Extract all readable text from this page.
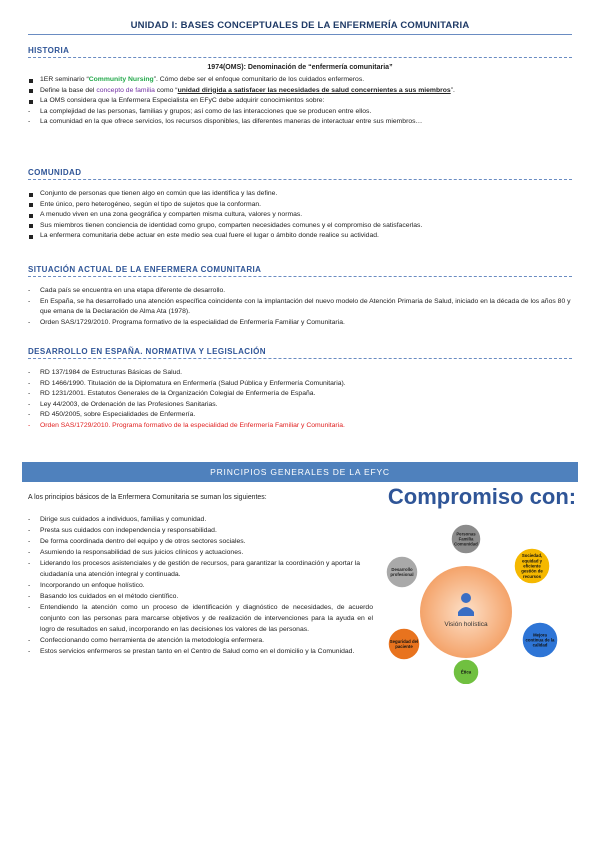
UNIDAD I: BASES CONCEPTUALES DE LA ENFERMERÍA COMUNITARIA
HISTORIA
1974(OMS): Denominación de “enfermería comunitaria”
1ER seminario “Community Nursing”. Cómo debe ser el enfoque comunitario de los cuidados enfermeros.
Define la base del concepto de familia como “unidad dirigida a satisfacer las necesidades de salud concernientes a sus miembros”.
La OMS considera que la Enfermera Especialista en EFyC debe adquirir conocimientos sobre:
- La complejidad de las personas, familias y grupos; así como de las interacciones que se producen entre ellos.
- La comunidad en la que ofrece servicios, los recursos disponibles, las diferentes maneras de interactuar entre sus miembros…
COMUNIDAD
Conjunto de personas que tienen algo en común que las identifica y las define.
Ente único, pero heterogéneo, según el tipo de sujetos que la conforman.
A menudo viven en una zona geográfica y comparten misma cultura, valores y normas.
Sus miembros tienen conciencia de identidad como grupo, comparten necesidades comunes y el compromiso de satisfacerlas.
La enfermera comunitaria debe actuar en este medio sea cual fuere el lugar o ámbito donde realice su actividad.
SITUACIÓN ACTUAL DE LA ENFERMERA COMUNITARIA
- Cada país se encuentra en una etapa diferente de desarrollo.
- En España, se ha desarrollado una atención específica coincidente con la implantación del nuevo modelo de Atención Primaria de Salud, iniciado en la década de los años 80 y que emana de la Declaración de Alma Ata (1978).
- Orden SAS/1729/2010. Programa formativo de la especialidad de Enfermería Familiar y Comunitaria.
DESARROLLO EN ESPAÑA. NORMATIVA Y LEGISLACIÓN
- RD 137/1984 de Estructuras Básicas de Salud.
- RD 1466/1990. Titulación de la Diplomatura en Enfermería (Salud Pública y Enfermería Comunitaria).
- RD 1231/2001. Estatutos Generales de la Organización Colegial de Enfermería de España.
- Ley 44/2003, de Ordenación de las Profesiones Sanitarias.
- RD 450/2005, sobre Especialidades de Enfermería.
- Orden SAS/1729/2010. Programa formativo de la especialidad de Enfermería Familiar y Comunitaria.
PRINCIPIOS GENERALES DE LA EFYC
A los principios básicos de la Enfermera Comunitaria se suman los siguientes:
- Dirige sus cuidados a individuos, familias y comunidad.
- Presta sus cuidados con independencia y responsabilidad.
- De forma coordinada dentro del equipo y de otros sectores sociales.
- Asumiendo la responsabilidad de sus juicios clínicos y actuaciones.
- Liderando los procesos asistenciales y de gestión de recursos, para garantizar la coordinación y aportar la ciudadanía una atención integral y continuada.
- Incorporando un enfoque holístico.
- Basando los cuidados en el método científico.
- Entendiendo la atención como un proceso de identificación y diagnóstico de necesidades, de acuerdo conjunto con las personas para marcarse objetivos y de realización de intervenciones para la ayuda en el logro de resultados en salud, incorporando en las decisiones los valores de las personas.
- Confeccionando como herramienta de atención la metodología enfermera.
- Estos servicios enfermeros se prestan tanto en el Centro de Salud como en el domicilio y la Comunidad.
Compromiso con:
Visión holística
Personas Familia Comunidad
Sociedad, equidad y eficiente gestión de recursos
Mejora continua de la calidad
Ética
Seguridad del paciente
Desarrollo profesional
